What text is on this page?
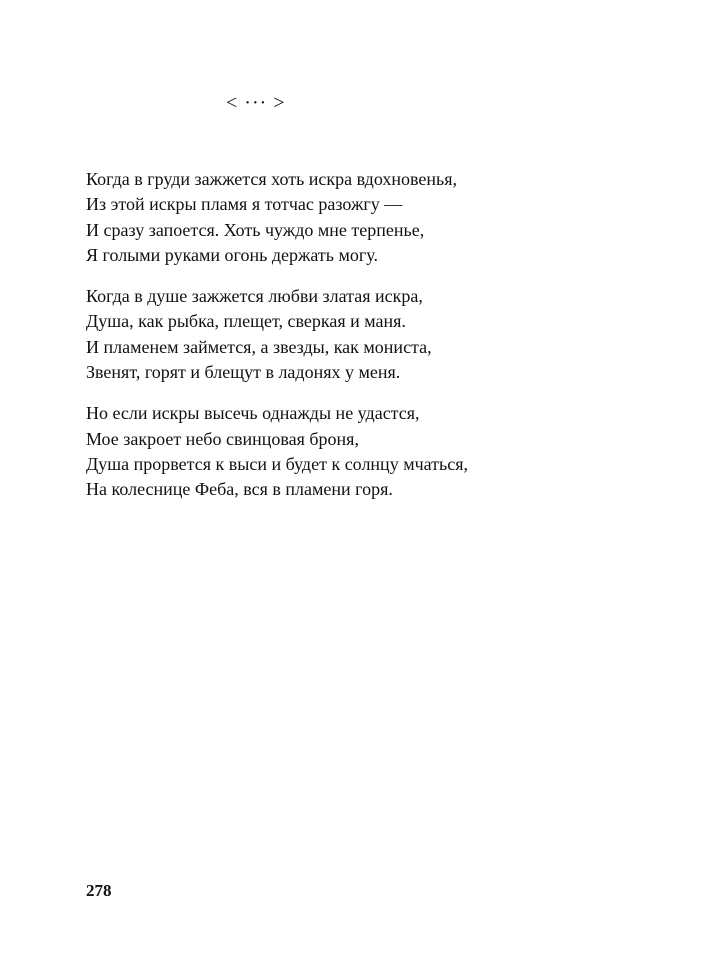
< ··· >
Когда в груди зажжется хоть искра вдохновенья,
Из этой искры пламя я тотчас разожгу —
И сразу запоется. Хоть чуждо мне терпенье,
Я голыми руками огонь держать могу.
Когда в душе зажжется любви златая искра,
Душа, как рыбка, плещет, сверкая и маня.
И пламенем займется, а звезды, как мониста,
Звенят, горят и блещут в ладонях у меня.
Но если искры высечь однажды не удастся,
Мое закроет небо свинцовая броня,
Душа прорвется к выси и будет к солнцу мчаться,
На колеснице Феба, вся в пламени горя.
278
